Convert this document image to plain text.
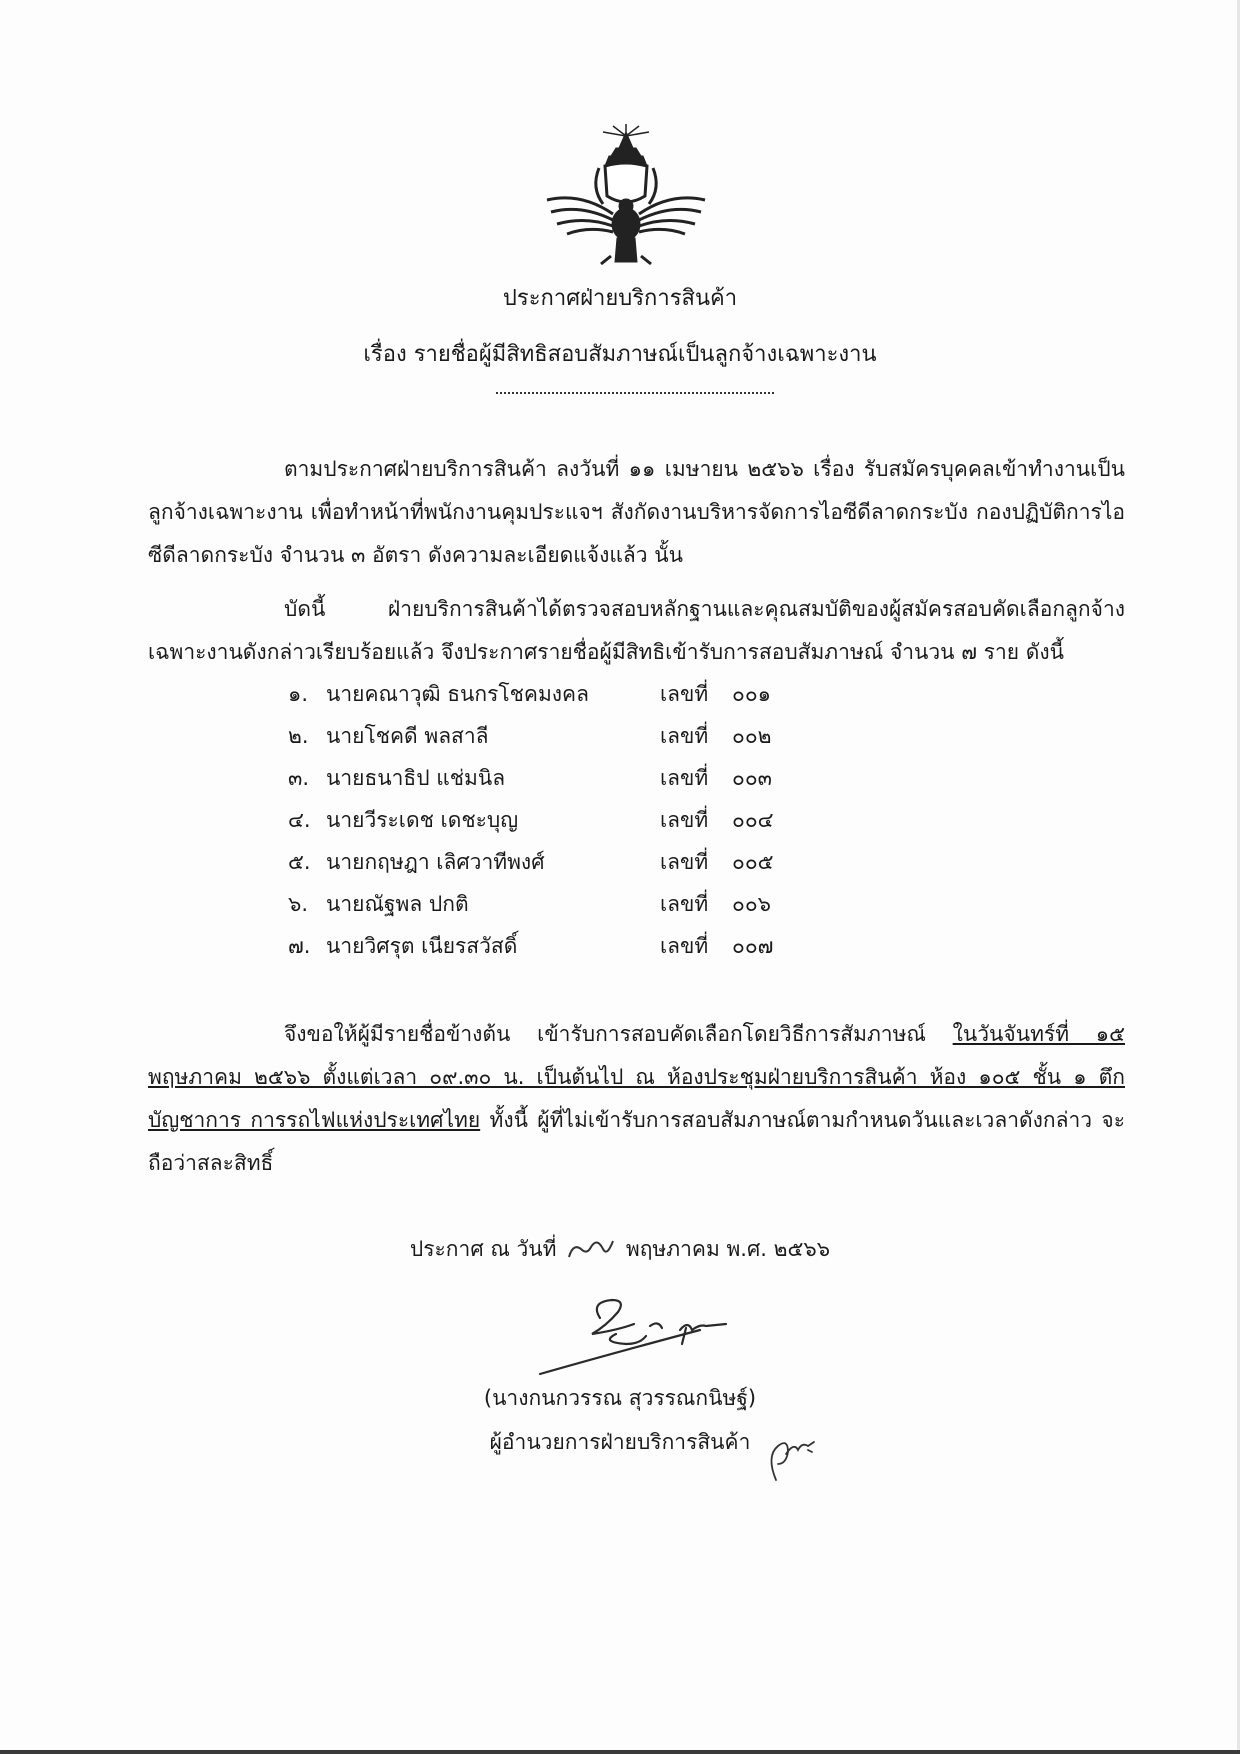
ประกาศฝ่ายบริการสินค้า
เรื่อง รายชื่อผู้มีสิทธิสอบสัมภาษณ์เป็นลูกจ้างเฉพาะงาน

ตามประกาศฝ่ายบริการสินค้า ลงวันที่ ๑๑ เมษายน ๒๕๖๖ เรื่อง รับสมัครบุคคลเข้าทำงานเป็นลูกจ้างเฉพาะงาน เพื่อทำหน้าที่พนักงานคุมประแจฯ สังกัดงานบริหารจัดการไอซีดีลาดกระบัง กองปฏิบัติการไอซีดีลาดกระบัง จำนวน ๓ อัตรา ดังความละเอียดแจ้งแล้ว นั้น

บัดนี้ ฝ่ายบริการสินค้าได้ตรวจสอบหลักฐานและคุณสมบัติของผู้สมัครสอบคัดเลือกลูกจ้างเฉพาะงานดังกล่าวเรียบร้อยแล้ว จึงประกาศรายชื่อผู้มีสิทธิเข้ารับการสอบสัมภาษณ์ จำนวน ๗ ราย ดังนี้

๑. นายคณาวุฒิ ธนกรโชคมงคล	เลขที่	๐๐๑
๒. นายโชคดี พลสาลี	เลขที่	๐๐๒
๓. นายธนาธิป แช่มนิล	เลขที่	๐๐๓
๔. นายวีระเดช เดชะบุญ	เลขที่	๐๐๔
๕. นายกฤษฎา เลิศวาทีพงศ์	เลขที่	๐๐๕
๖. นายณัฐพล ปกติ	เลขที่	๐๐๖
๗. นายวิศรุต เนียรสวัสดิ์	เลขที่	๐๐๗

จึงขอให้ผู้มีรายชื่อข้างต้น เข้ารับการสอบคัดเลือกโดยวิธีการสัมภาษณ์ ในวันจันทร์ที่ ๑๕ พฤษภาคม ๒๕๖๖ ตั้งแต่เวลา ๐๙.๓๐ น. เป็นต้นไป ณ ห้องประชุมฝ่ายบริการสินค้า ห้อง ๑๐๕ ชั้น ๑ ตึกบัญชาการ การรถไฟแห่งประเทศไทย ทั้งนี้ ผู้ที่ไม่เข้ารับการสอบสัมภาษณ์ตามกำหนดวันและเวลาดังกล่าว จะถือว่าสละสิทธิ์

ประกาศ ณ วันที่	พฤษภาคม พ.ศ. ๒๕๖๖
(นางกนกวรรณ สุวรรณกนิษฐ์)
ผู้อำนวยการฝ่ายบริการสินค้า
